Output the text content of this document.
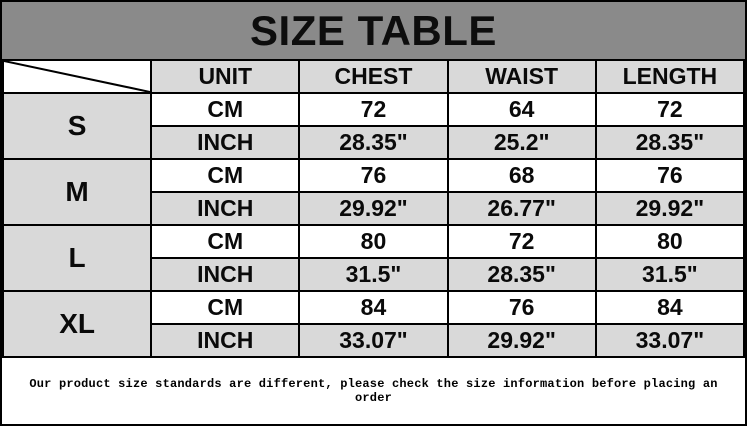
SIZE TABLE
	UNIT	CHEST	WAIST	LENGTH
S	CM	72	64	72
	INCH	28.35"	25.2"	28.35"
M	CM	76	68	76
	INCH	29.92"	26.77"	29.92"
L	CM	80	72	80
	INCH	31.5"	28.35"	31.5"
XL	CM	84	76	84
	INCH	33.07"	29.92"	33.07"
Our product size standards are different, please check the size information before placing an order
